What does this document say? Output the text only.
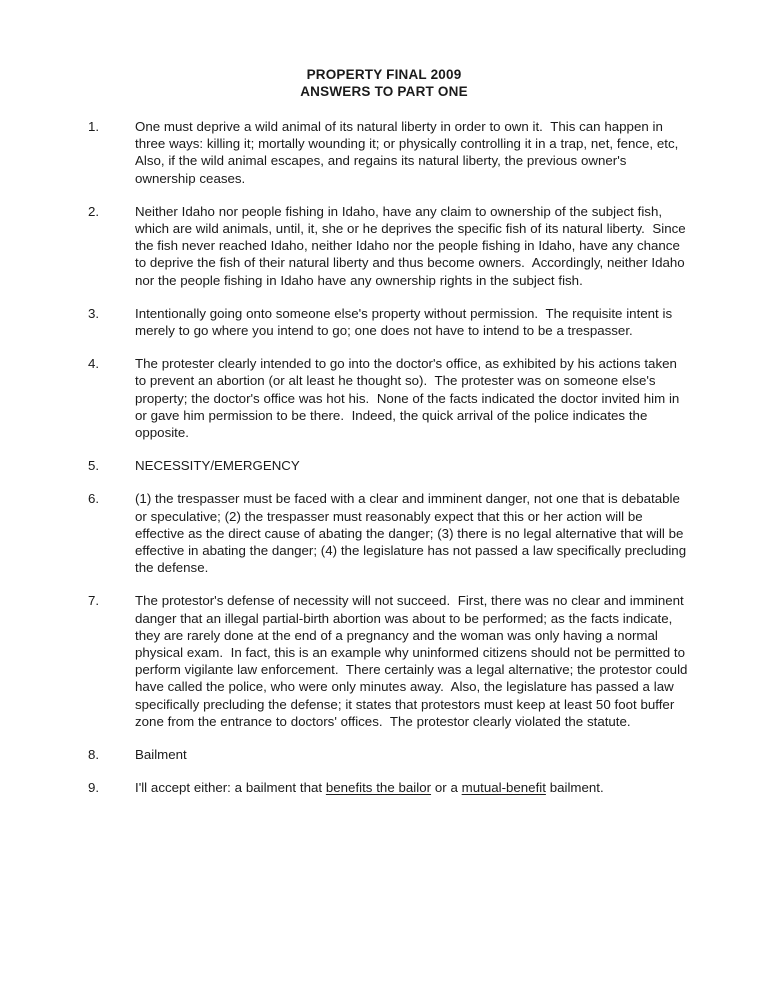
PROPERTY FINAL 2009
ANSWERS TO PART ONE
1.	One must deprive a wild animal of its natural liberty in order to own it.  This can happen in three ways: killing it; mortally wounding it; or physically controlling it in a trap, net, fence, etc,  Also, if the wild animal escapes, and regains its natural liberty, the previous owner's ownership ceases.
2.	Neither Idaho nor people fishing in Idaho, have any claim to ownership of the subject fish, which are wild animals, until, it, she or he deprives the specific fish of its natural liberty.  Since the fish never reached Idaho, neither Idaho nor the people fishing in Idaho, have any chance to deprive the fish of their natural liberty and thus become owners.  Accordingly, neither Idaho nor the people fishing in Idaho have any ownership rights in the subject fish.
3.	Intentionally going onto someone else's property without permission.  The requisite intent is merely to go where you intend to go; one does not have to intend to be a trespasser.
4.	The protester clearly intended to go into the doctor's office, as exhibited by his actions taken to prevent an abortion (or alt least he thought so).  The protester was on someone else's property; the doctor's office was hot his.  None of the facts indicated the doctor invited him in or gave him permission to be there.  Indeed, the quick arrival of the police indicates the opposite.
5.	NECESSITY/EMERGENCY
6.	(1) the trespasser must be faced with a clear and imminent danger, not one that is debatable or speculative; (2) the trespasser must reasonably expect that this or her action will be effective as the direct cause of abating the danger; (3) there is no legal alternative that will be effective in abating the danger; (4) the legislature has not passed a law specifically precluding the defense.
7.	The protestor's defense of necessity will not succeed.  First, there was no clear and imminent danger that an illegal partial-birth abortion was about to be performed; as the facts indicate, they are rarely done at the end of a pregnancy and the woman was only having a normal physical exam.  In fact, this is an example why uninformed citizens should not be permitted to perform vigilante law enforcement.  There certainly was a legal alternative; the protestor could have called the police, who were only minutes away.  Also, the legislature has passed a law specifically precluding the defense; it states that protestors must keep at least 50 foot buffer zone from the entrance to doctors' offices.  The protestor clearly violated the statute.
8.	Bailment
9.	I'll accept either: a bailment that benefits the bailor or a mutual-benefit bailment.
